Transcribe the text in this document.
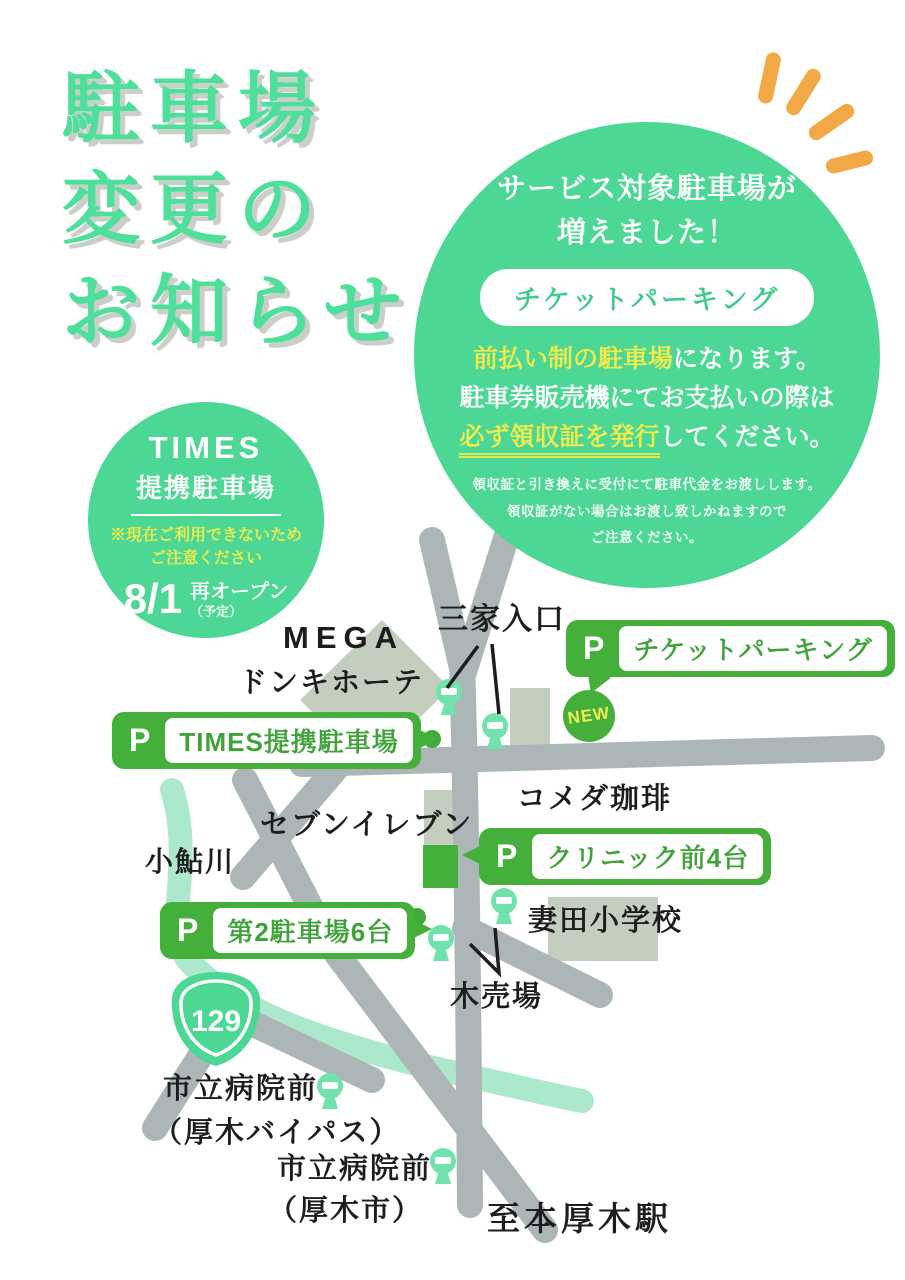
129
駐車場
変更の
お知らせ
サービス対象駐車場が
増えました！
チケットパーキング
前払い制の駐車場になります。
駐車券販売機にてお支払いの際は
必ず領収証を発行してください。
領収証と引き換えに受付にて駐車代金をお渡しします。
領収証がない場合はお渡し致しかねますので
ご注意ください。
TIMES
提携駐車場
※現在ご利用できないため
ご注意ください
8/1 再オープン
（予定）
P	チケットパーキング
NEW
P	TIMES提携駐車場
P	クリニック前4台
P	第2駐車場6台
MEGA
ドンキホーテ
三家入口
コメダ珈琲
セブンイレブン
小鮎川
妻田小学校
木売場
市立病院前
（厚木バイパス）
市立病院前
（厚木市） 至本厚木駅
